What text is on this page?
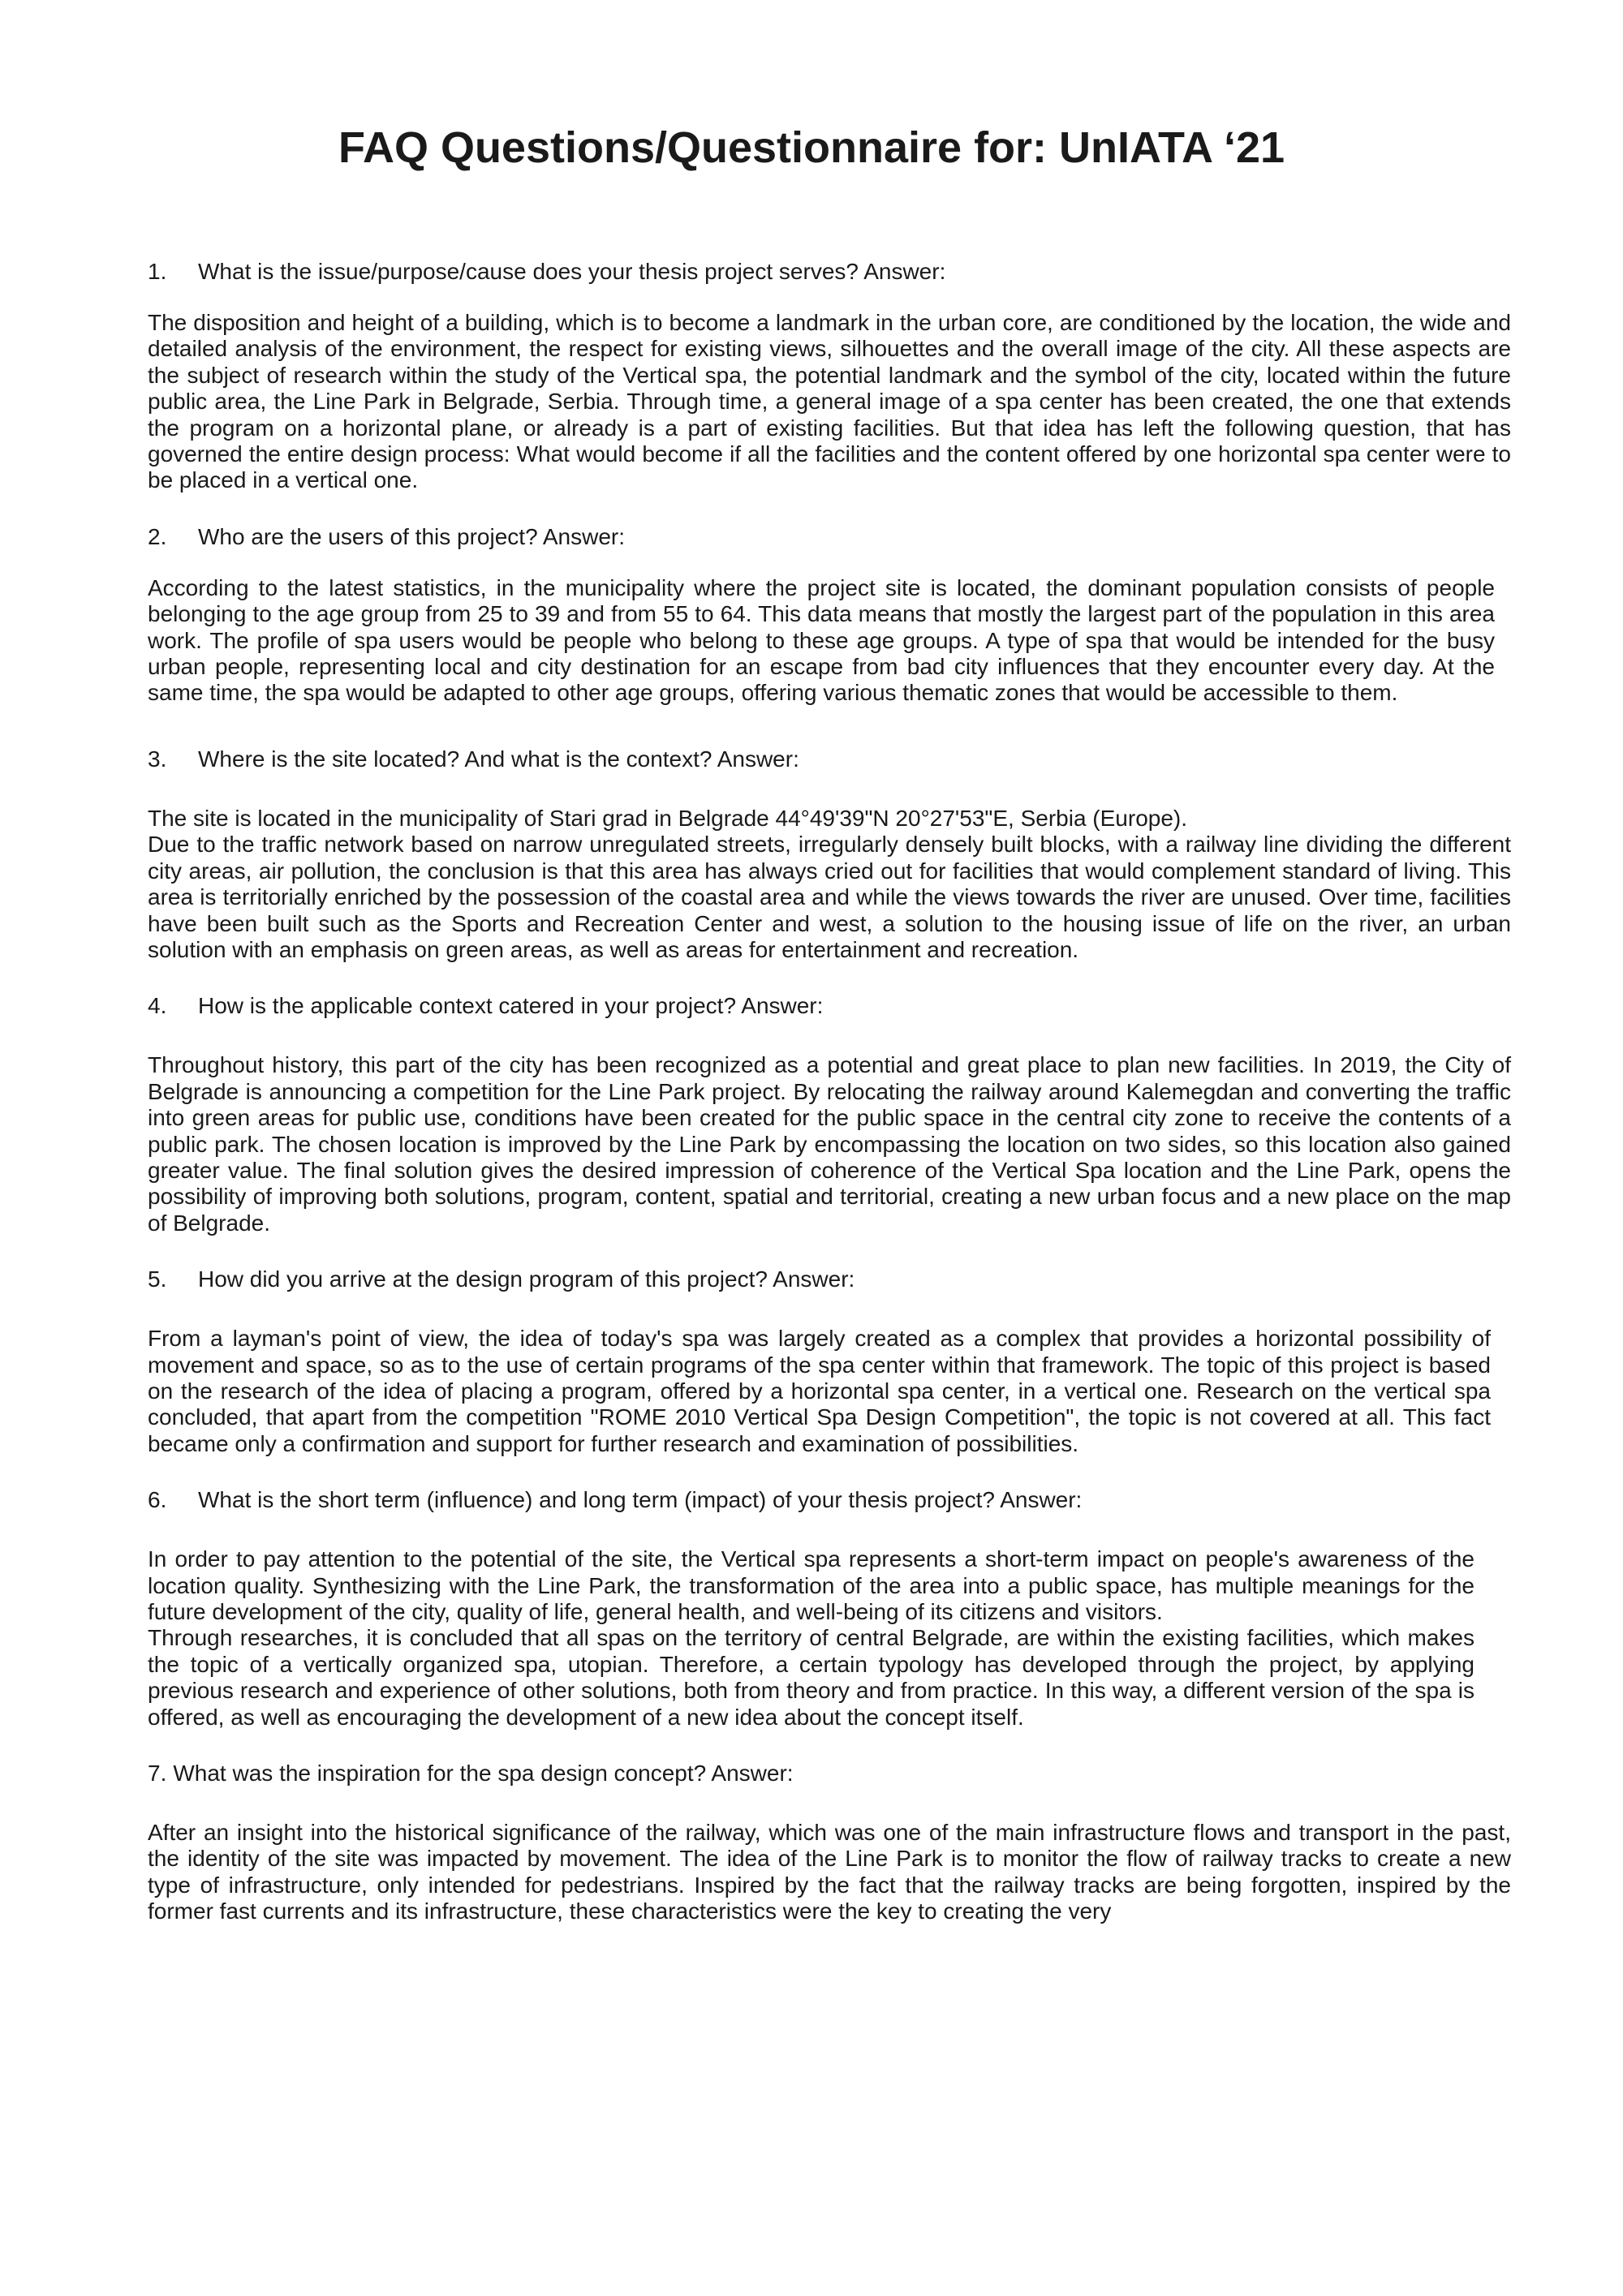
FAQ Questions/Questionnaire for: UnIATA ‘21
1. What is the issue/purpose/cause does your thesis project serves? Answer:

The disposition and height of a building, which is to become a landmark in the urban core, are conditioned by the location, the wide and detailed analysis of the environment, the respect for existing views, silhouettes and the overall image of the city. All these aspects are the subject of research within the study of the Vertical spa, the potential landmark and the symbol of the city, located within the future public area, the Line Park in Belgrade, Serbia. Through time, a general image of a spa center has been created, the one that extends the program on a horizontal plane, or already is a part of existing facilities. But that idea has left the following question, that has governed the entire design process: What would become if all the facilities and the content offered by one horizontal spa center were to be placed in a vertical one.

2. Who are the users of this project? Answer:

According to the latest statistics, in the municipality where the project site is located, the dominant population consists of people belonging to the age group from 25 to 39 and from 55 to 64. This data means that mostly the largest part of the population in this area work. The profile of spa users would be people who belong to these age groups. A type of spa that would be intended for the busy urban people, representing local and city destination for an escape from bad city influences that they encounter every day. At the same time, the spa would be adapted to other age groups, offering various thematic zones that would be accessible to them.

3. Where is the site located? And what is the context? Answer:

The site is located in the municipality of Stari grad in Belgrade 44°49'39"N 20°27'53"E, Serbia (Europe).

Due to the traffic network based on narrow unregulated streets, irregularly densely built blocks, with a railway line dividing the different city areas, air pollution, the conclusion is that this area has always cried out for facilities that would complement standard of living. This area is territorially enriched by the possession of the coastal area and while the views towards the river are unused. Over time, facilities have been built such as the Sports and Recreation Center and west, a solution to the housing issue of life on the river, an urban solution with an emphasis on green areas, as well as areas for entertainment and recreation.

4. How is the applicable context catered in your project? Answer:

Throughout history, this part of the city has been recognized as a potential and great place to plan new facilities. In 2019, the City of Belgrade is announcing a competition for the Line Park project. By relocating the railway around Kalemegdan and converting the traffic into green areas for public use, conditions have been created for the public space in the central city zone to receive the contents of a public park. The chosen location is improved by the Line Park by encompassing the location on two sides, so this location also gained greater value. The final solution gives the desired impression of coherence of the Vertical Spa location and the Line Park, opens the possibility of improving both solutions, program, content, spatial and territorial, creating a new urban focus and a new place on the map of Belgrade.

5. How did you arrive at the design program of this project? Answer:

From a layman's point of view, the idea of today's spa was largely created as a complex that provides a horizontal possibility of movement and space, so as to the use of certain programs of the spa center within that framework. The topic of this project is based on the research of the idea of placing a program, offered by a horizontal spa center, in a vertical one. Research on the vertical spa concluded, that apart from the competition "ROME 2010 Vertical Spa Design Competition", the topic is not covered at all. This fact became only a confirmation and support for further research and examination of possibilities.

6. What is the short term (influence) and long term (impact) of your thesis project? Answer:

In order to pay attention to the potential of the site, the Vertical spa represents a short-term impact on people's awareness of the location quality. Synthesizing with the Line Park, the transformation of the area into a public space, has multiple meanings for the future development of the city, quality of life, general health, and well-being of its citizens and visitors.

Through researches, it is concluded that all spas on the territory of central Belgrade, are within the existing facilities, which makes the topic of a vertically organized spa, utopian. Therefore, a certain typology has developed through the project, by applying previous research and experience of other solutions, both from theory and from practice. In this way, a different version of the spa is offered, as well as encouraging the development of a new idea about the concept itself.

7. What was the inspiration for the spa design concept? Answer:

After an insight into the historical significance of the railway, which was one of the main infrastructure flows and transport in the past, the identity of the site was impacted by movement. The idea of the Line Park is to monitor the flow of railway tracks to create a new type of infrastructure, only intended for pedestrians. Inspired by the fact that the railway tracks are being forgotten, inspired by the former fast currents and its infrastructure, these characteristics were the key to creating the very
